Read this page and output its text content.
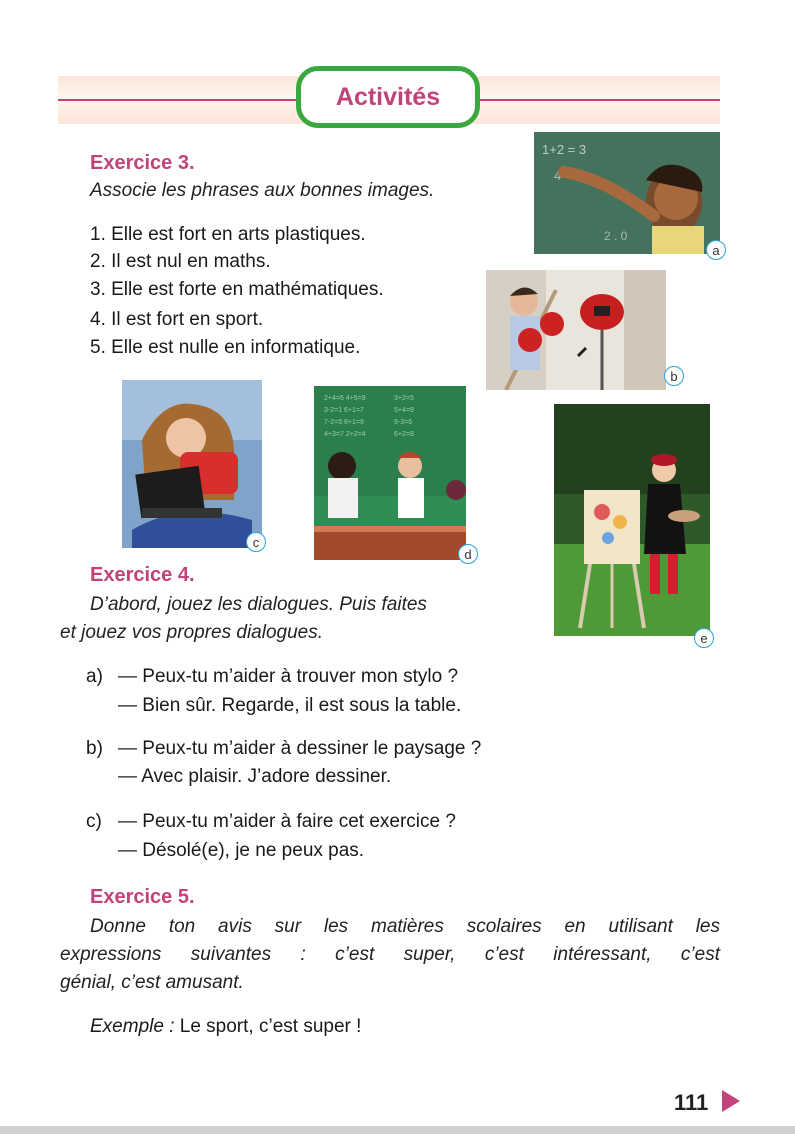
Activités
Exercice 3.
Associe les phrases aux bonnes images.
1. Elle est fort en arts plastiques.
2. Il est nul en maths.
3. Elle est forte en mathématiques.
4. Il est fort en sport.
5. Elle est nulle en informatique.
1+2 = 3
4 · 5
2 . 0
a
b
c
2+4=6 4+5=9	3+2=5
3-2=1 6+1=7	5+4=9
7-2=5 8+1=9	9-3=6
4+3=7 2+2=4	6+2=8
d
e
Exercice 4.
D’abord, jouez les dialogues. Puis faites
et jouez vos propres dialogues.
a) — Peux-tu m’aider à trouver mon stylo ?
— Bien sûr. Regarde, il est sous la table.
b) — Peux-tu m’aider à dessiner le paysage ?
— Avec plaisir. J’adore dessiner.
c) — Peux-tu m’aider à faire cet exercice ?
— Désolé(e), je ne peux pas.
Exercice 5.
Donne ton avis sur les matières scolaires en utilisant les
expressions suivantes : c’est super, c’est intéressant, c’est
génial, c’est amusant.
Exemple : Le sport, c’est super !
111
